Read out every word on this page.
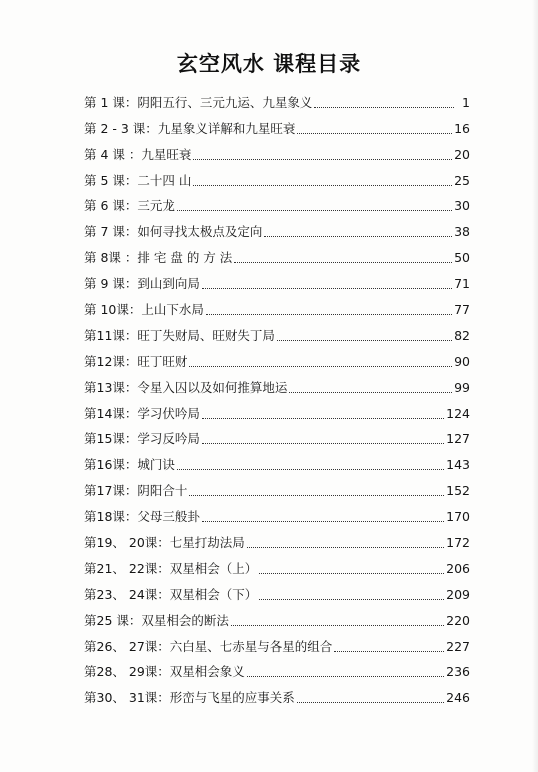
玄空风水 课程目录
第 1 课： 阴阳五行、三元九运、九星象义	1
第 2 - 3 课： 九星象义详解和九星旺衰	16
第 4 课 ： 九星旺衰	20
第 5 课： 二十四 山	25
第 6 课： 三元龙	30
第 7 课： 如何寻找太极点及定向	38
第 8课 ： 排 宅 盘 的 方 法	50
第 9 课： 到山到向局	71
第 10课： 上山下水局	77
第11课： 旺丁失财局、旺财失丁局	82
第12课： 旺丁旺财	90
第13课： 令星入囚以及如何推算地运	99
第14课： 学习伏吟局	124
第15课： 学习反吟局	127
第16课： 城门诀	143
第17课： 阴阳合十	152
第18课： 父母三般卦	170
第19、 20课： 七星打劫法局	172
第21、 22课： 双星相会（上）	206
第23、 24课： 双星相会（下）	209
第25 课： 双星相会的断法	220
第26、 27课： 六白星、七赤星与各星的组合	227
第28、 29课： 双星相会象义	236
第30、 31课： 形峦与飞星的应事关系	246
